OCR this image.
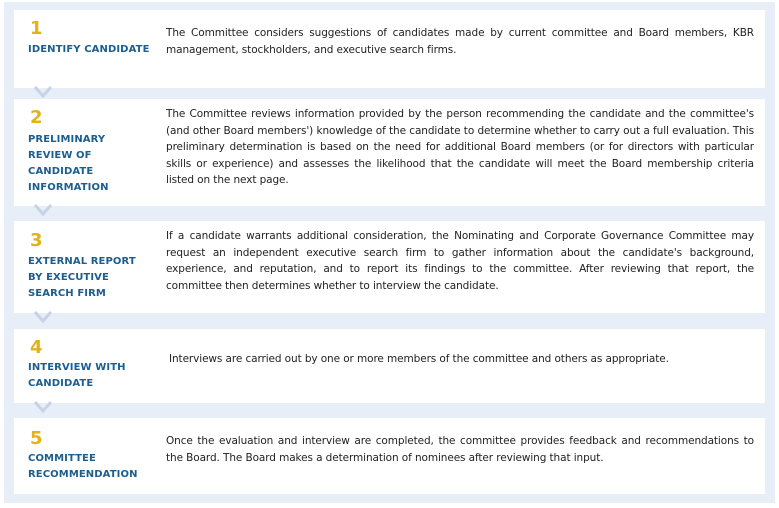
1
IDENTIFY CANDIDATE
The Committee considers suggestions of candidates made by current committee and Board members, KBR management, stockholders, and executive search firms.
2
PRELIMINARY REVIEW OF CANDIDATE INFORMATION
The Committee reviews information provided by the person recommending the candidate and the committee's (and other Board members') knowledge of the candidate to determine whether to carry out a full evaluation. This preliminary determination is based on the need for additional Board members (or for directors with particular skills or experience) and assesses the likelihood that the candidate will meet the Board membership criteria listed on the next page.
3
EXTERNAL REPORT BY EXECUTIVE SEARCH FIRM
If a candidate warrants additional consideration, the Nominating and Corporate Governance Committee may request an independent executive search firm to gather information about the candidate's background, experience, and reputation, and to report its findings to the committee. After reviewing that report, the committee then determines whether to interview the candidate.
4
INTERVIEW WITH CANDIDATE
Interviews are carried out by one or more members of the committee and others as appropriate.
5
COMMITTEE RECOMMENDATION
Once the evaluation and interview are completed, the committee provides feedback and recommendations to the Board. The Board makes a determination of nominees after reviewing that input.
